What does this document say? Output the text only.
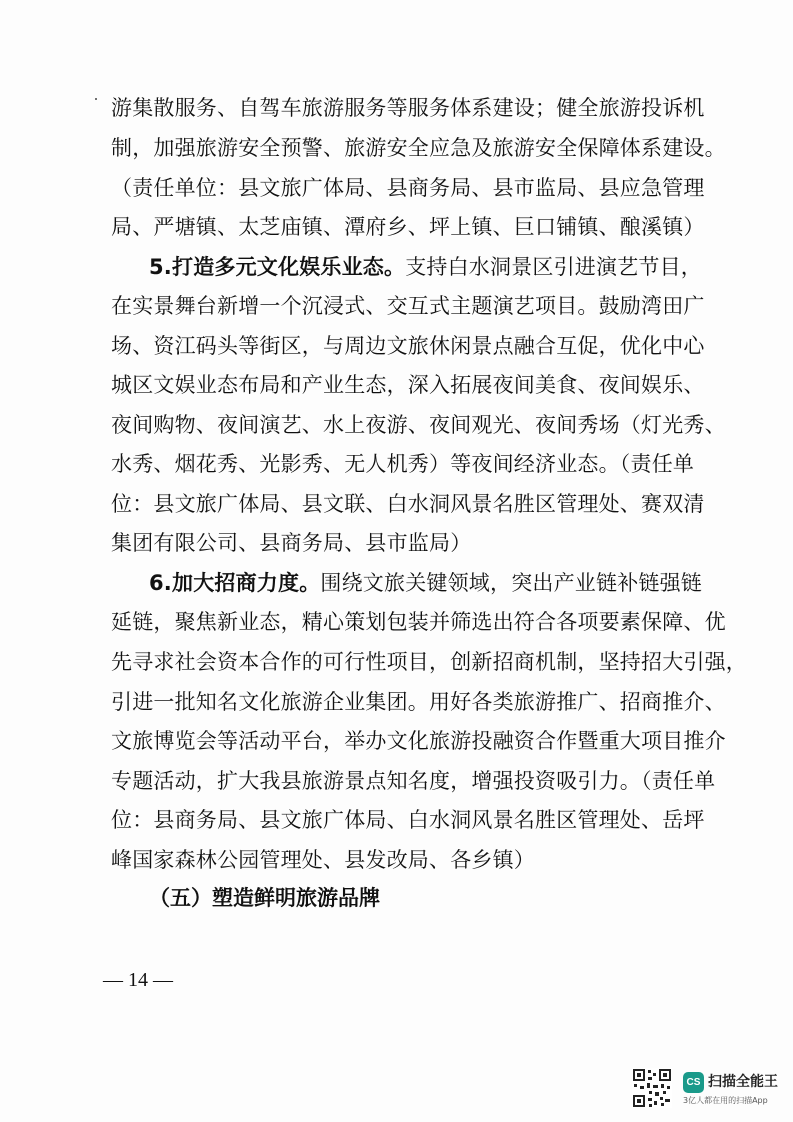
游集散服务、自驾车旅游服务等服务体系建设；健全旅游投诉机
制，加强旅游安全预警、旅游安全应急及旅游安全保障体系建设。
（责任单位：县文旅广体局、县商务局、县市监局、县应急管理
局、严塘镇、太芝庙镇、潭府乡、坪上镇、巨口铺镇、酿溪镇）
5.打造多元文化娱乐业态。支持白水洞景区引进演艺节目，
在实景舞台新增一个沉浸式、交互式主题演艺项目。鼓励湾田广
场、资江码头等街区，与周边文旅休闲景点融合互促，优化中心
城区文娱业态布局和产业生态，深入拓展夜间美食、夜间娱乐、
夜间购物、夜间演艺、水上夜游、夜间观光、夜间秀场（灯光秀、
水秀、烟花秀、光影秀、无人机秀）等夜间经济业态。（责任单
位：县文旅广体局、县文联、白水洞风景名胜区管理处、赛双清
集团有限公司、县商务局、县市监局）
6.加大招商力度。围绕文旅关键领域，突出产业链补链强链
延链，聚焦新业态，精心策划包装并筛选出符合各项要素保障、优
先寻求社会资本合作的可行性项目，创新招商机制，坚持招大引强，
引进一批知名文化旅游企业集团。用好各类旅游推广、招商推介、
文旅博览会等活动平台，举办文化旅游投融资合作暨重大项目推介
专题活动，扩大我县旅游景点知名度，增强投资吸引力。（责任单
位：县商务局、县文旅广体局、白水洞风景名胜区管理处、岳坪
峰国家森林公园管理处、县发改局、各乡镇）
（五）塑造鲜明旅游品牌
— 14 —
CS 扫描全能王
3亿人都在用的扫描App
